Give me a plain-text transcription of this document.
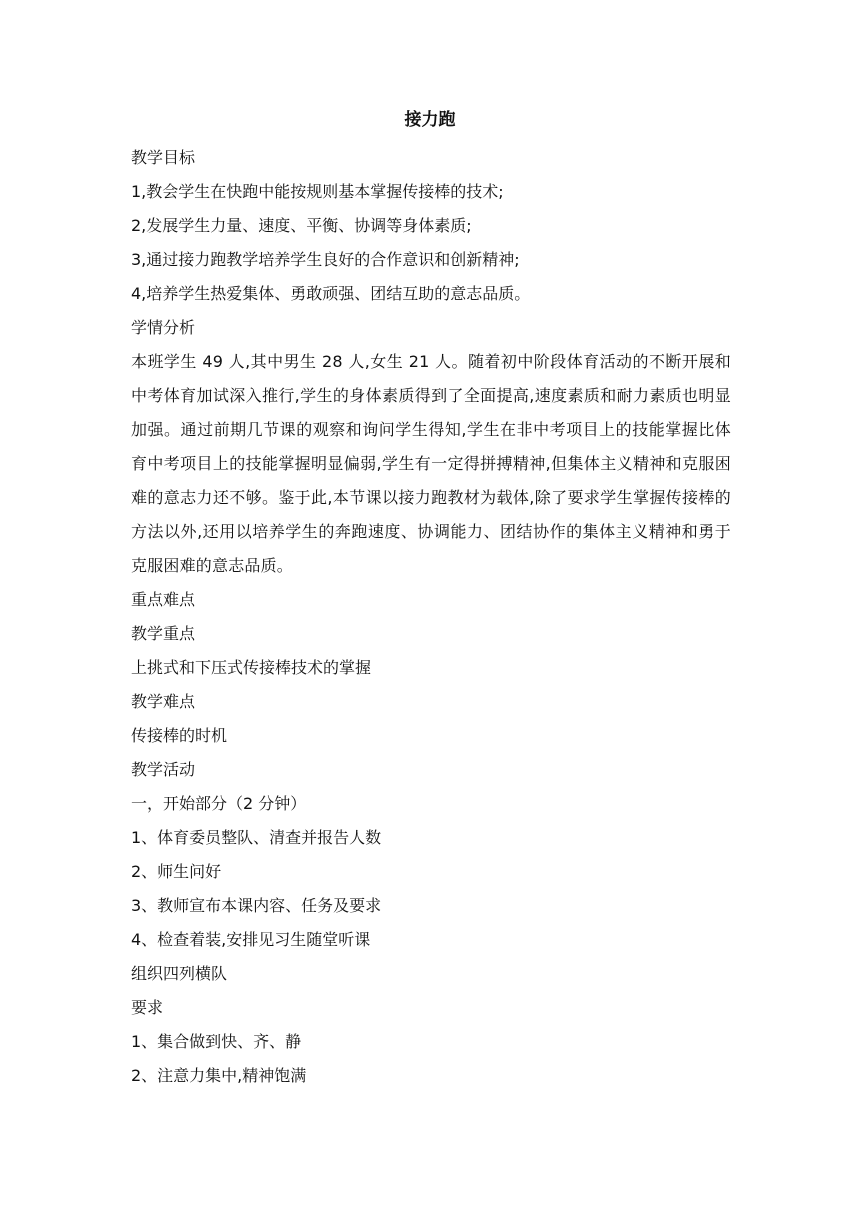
接力跑
教学目标
1,教会学生在快跑中能按规则基本掌握传接棒的技术;
2,发展学生力量、速度、平衡、协调等身体素质;
3,通过接力跑教学培养学生良好的合作意识和创新精神;
4,培养学生热爱集体、勇敢顽强、团结互助的意志品质。
学情分析
本班学生 49 人,其中男生 28 人,女生 21 人。随着初中阶段体育活动的不断开展和中考体育加试深入推行,学生的身体素质得到了全面提高,速度素质和耐力素质也明显加强。通过前期几节课的观察和询问学生得知,学生在非中考项目上的技能掌握比体育中考项目上的技能掌握明显偏弱,学生有一定得拼搏精神,但集体主义精神和克服困难的意志力还不够。鉴于此,本节课以接力跑教材为载体,除了要求学生掌握传接棒的方法以外,还用以培养学生的奔跑速度、协调能力、团结协作的集体主义精神和勇于克服困难的意志品质。
重点难点
教学重点
上挑式和下压式传接棒技术的掌握
教学难点
传接棒的时机
教学活动
一，开始部分（2 分钟）
1、体育委员整队、清查并报告人数
2、师生问好
3、教师宣布本课内容、任务及要求
4、检查着装,安排见习生随堂听课
组织四列横队
要求
1、集合做到快、齐、静
2、注意力集中,精神饱满
